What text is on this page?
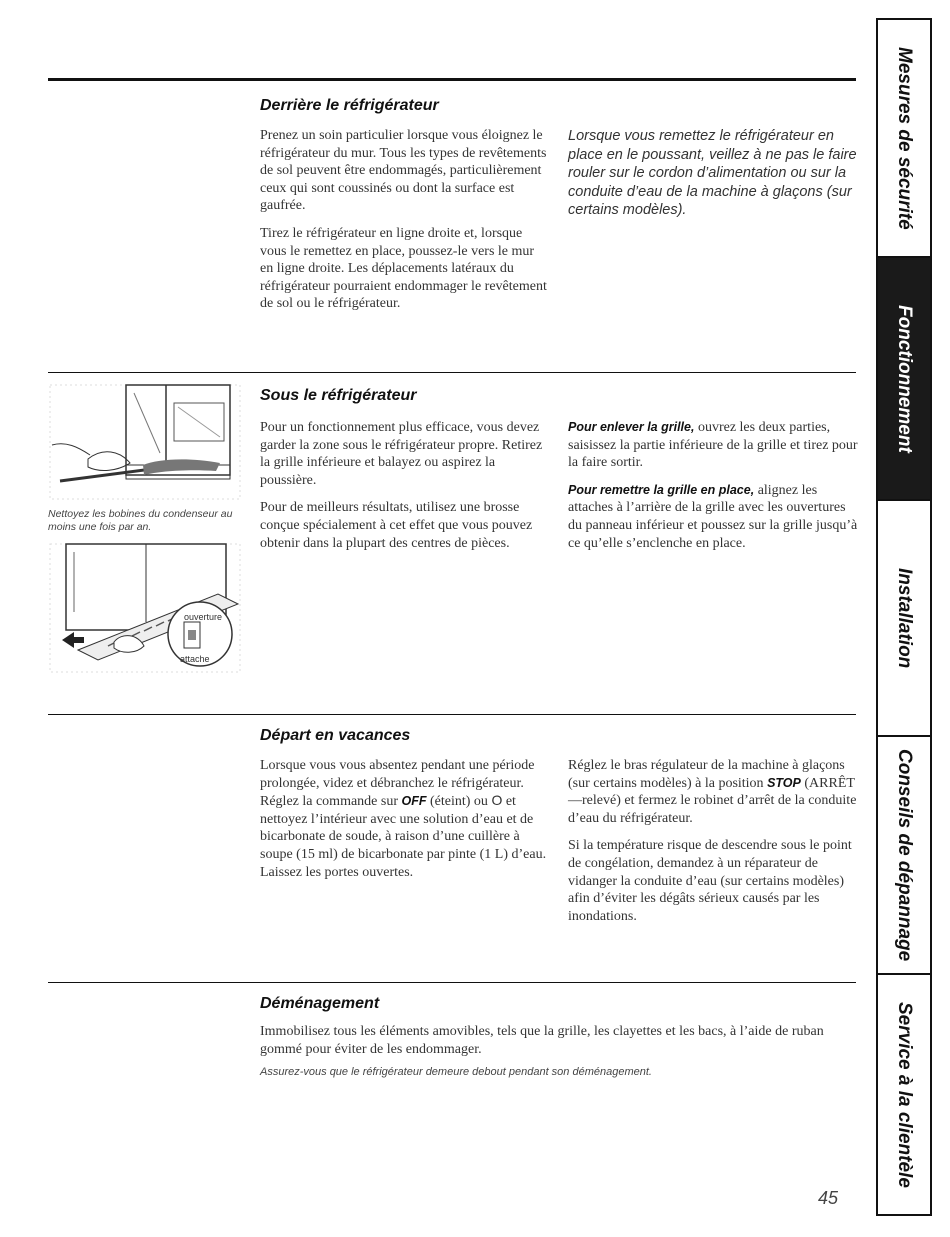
Derrière le réfrigérateur

Prenez un soin particulier lorsque vous éloignez le réfrigérateur du mur. Tous les types de revêtements de sol peuvent être endommagés, particulièrement ceux qui sont coussinés ou dont la surface est gaufrée.

Tirez le réfrigérateur en ligne droite et, lorsque vous le remettez en place, poussez-le vers le mur en ligne droite. Les déplacements latéraux du réfrigérateur pourraient endommager le revêtement de sol ou le réfrigérateur.

Lorsque vous remettez le réfrigérateur en place en le poussant, veillez à ne pas le faire rouler sur le cordon d’alimentation ou sur la conduite d’eau de la machine à glaçons (sur certains modèles).

Nettoyez les bobines du condenseur au moins une fois par an.

ouverture
attache
Sous le réfrigérateur

Pour un fonctionnement plus efficace, vous devez garder la zone sous le réfrigérateur propre. Retirez la grille inférieure et balayez ou aspirez la poussière.

Pour de meilleurs résultats, utilisez une brosse conçue spécialement à cet effet que vous pouvez obtenir dans la plupart des centres de pièces.

Pour enlever la grille, ouvrez les deux parties, saisissez la partie inférieure de la grille et tirez pour la faire sortir.

Pour remettre la grille en place, alignez les attaches à l’arrière de la grille avec les ouvertures du panneau inférieur et poussez sur la grille jusqu’à ce qu’elle s’enclenche en place.

Départ en vacances

Lorsque vous vous absentez pendant une période prolongée, videz et débranchez le réfrigérateur. Réglez la commande sur OFF (éteint) ou O et nettoyez l’intérieur avec une solution d’eau et de bicarbonate de soude, à raison d’une cuillère à soupe (15 ml) de bicarbonate par pinte (1 L) d’eau. Laissez les portes ouvertes.

Réglez le bras régulateur de la machine à glaçons (sur certains modèles) à la position STOP (ARRÊT—relevé) et fermez le robinet d’arrêt de la conduite d’eau du réfrigérateur.

Si la température risque de descendre sous le point de congélation, demandez à un réparateur de vidanger la conduite d’eau (sur certains modèles) afin d’éviter les dégâts sérieux causés par les inondations.

Déménagement

Immobilisez tous les éléments amovibles, tels que la grille, les clayettes et les bacs, à l’aide de ruban gommé pour éviter de les endommager.

Assurez-vous que le réfrigérateur demeure debout pendant son déménagement.

45

Mesures de sécurité
Fonctionnement
Installation
Conseils de dépannage
Service à la clientèle
